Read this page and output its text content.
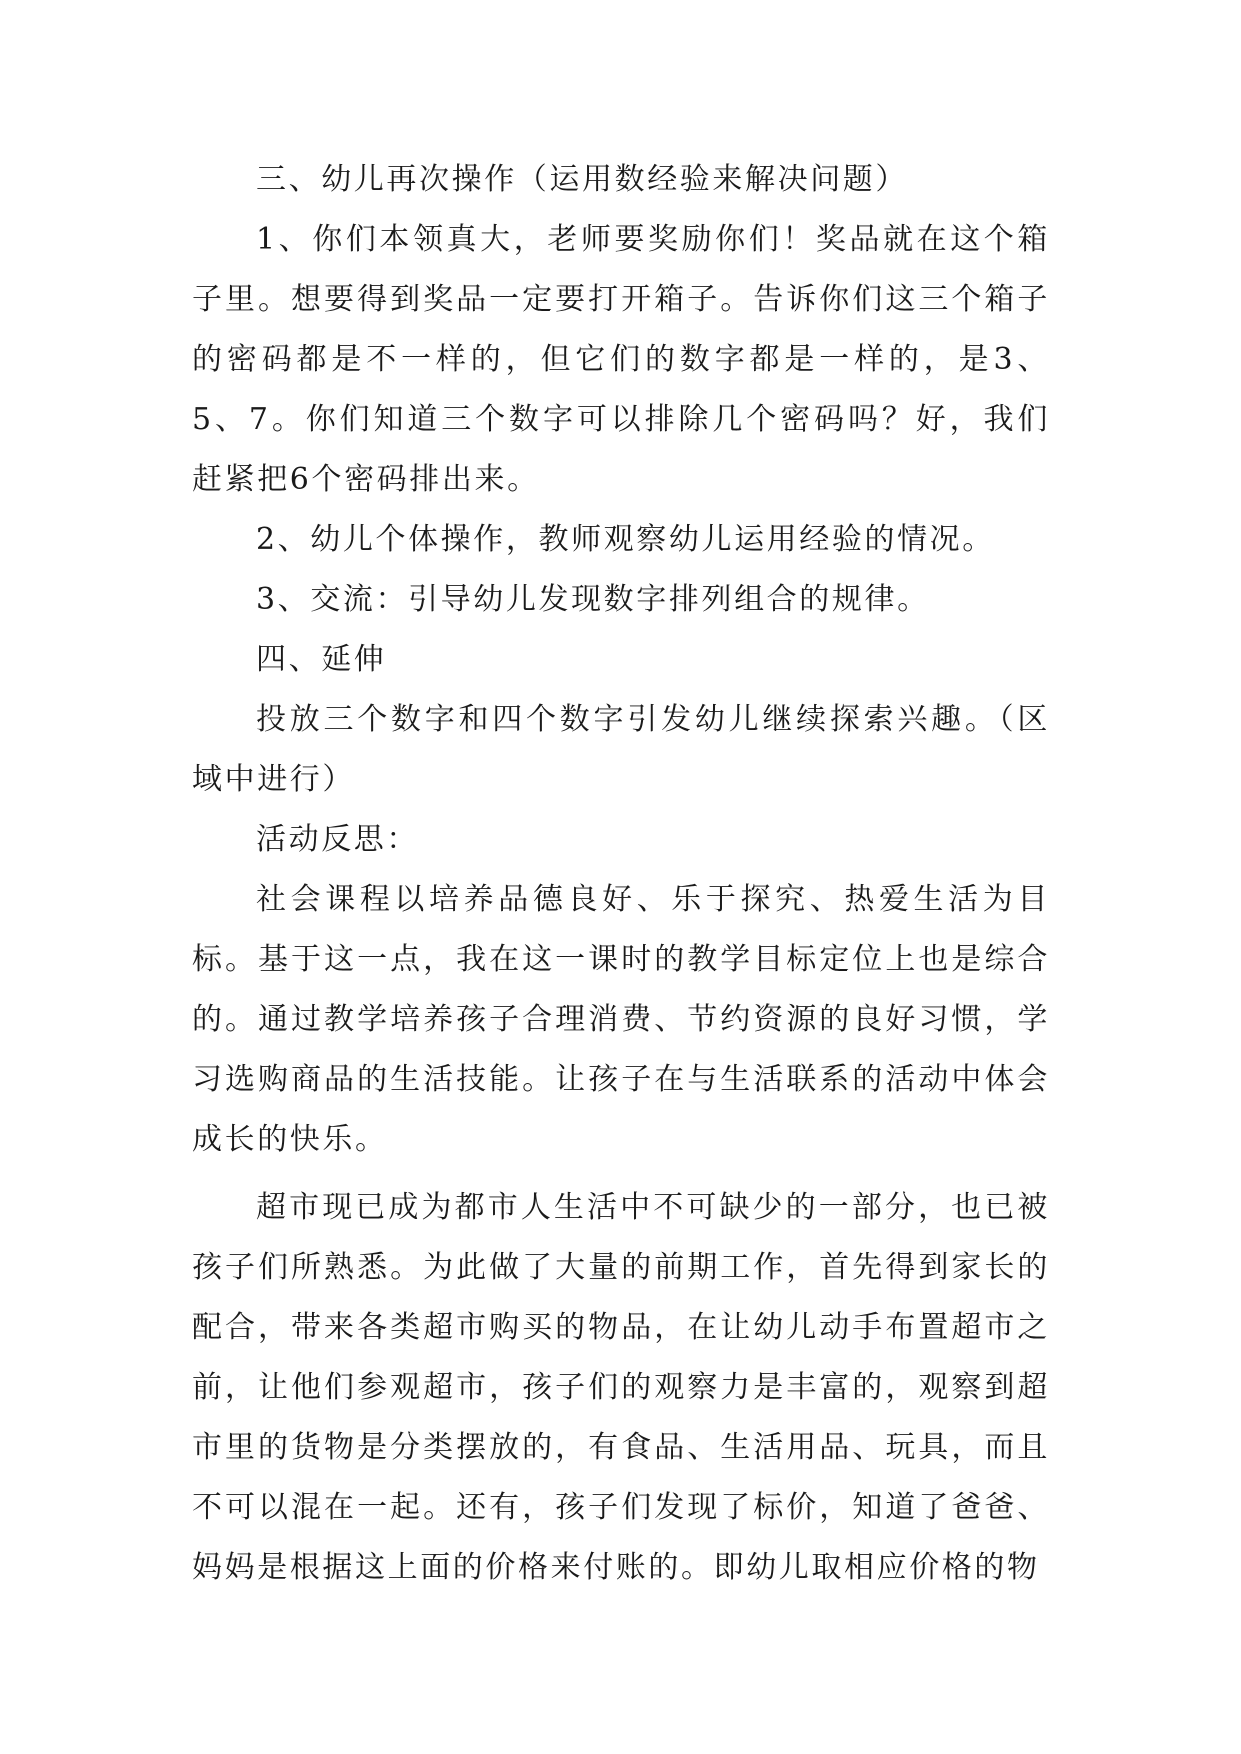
三、幼儿再次操作（运用数经验来解决问题）

1、你们本领真大，老师要奖励你们！奖品就在这个箱子里。想要得到奖品一定要打开箱子。告诉你们这三个箱子的密码都是不一样的，但它们的数字都是一样的，是3、5、7。你们知道三个数字可以排除几个密码吗？好，我们赶紧把6个密码排出来。

2、幼儿个体操作，教师观察幼儿运用经验的情况。

3、交流：引导幼儿发现数字排列组合的规律。

四、延伸

投放三个数字和四个数字引发幼儿继续探索兴趣。（区域中进行）

活动反思：

社会课程以培养品德良好、乐于探究、热爱生活为目标。基于这一点，我在这一课时的教学目标定位上也是综合的。通过教学培养孩子合理消费、节约资源的良好习惯，学习选购商品的生活技能。让孩子在与生活联系的活动中体会成长的快乐。

超市现已成为都市人生活中不可缺少的一部分，也已被孩子们所熟悉。为此做了大量的前期工作，首先得到家长的配合，带来各类超市购买的物品，在让幼儿动手布置超市之前，让他们参观超市，孩子们的观察力是丰富的，观察到超市里的货物是分类摆放的，有食品、生活用品、玩具，而且不可以混在一起。还有，孩子们发现了标价，知道了爸爸、妈妈是根据这上面的价格来付账的。即幼儿取相应价格的物
